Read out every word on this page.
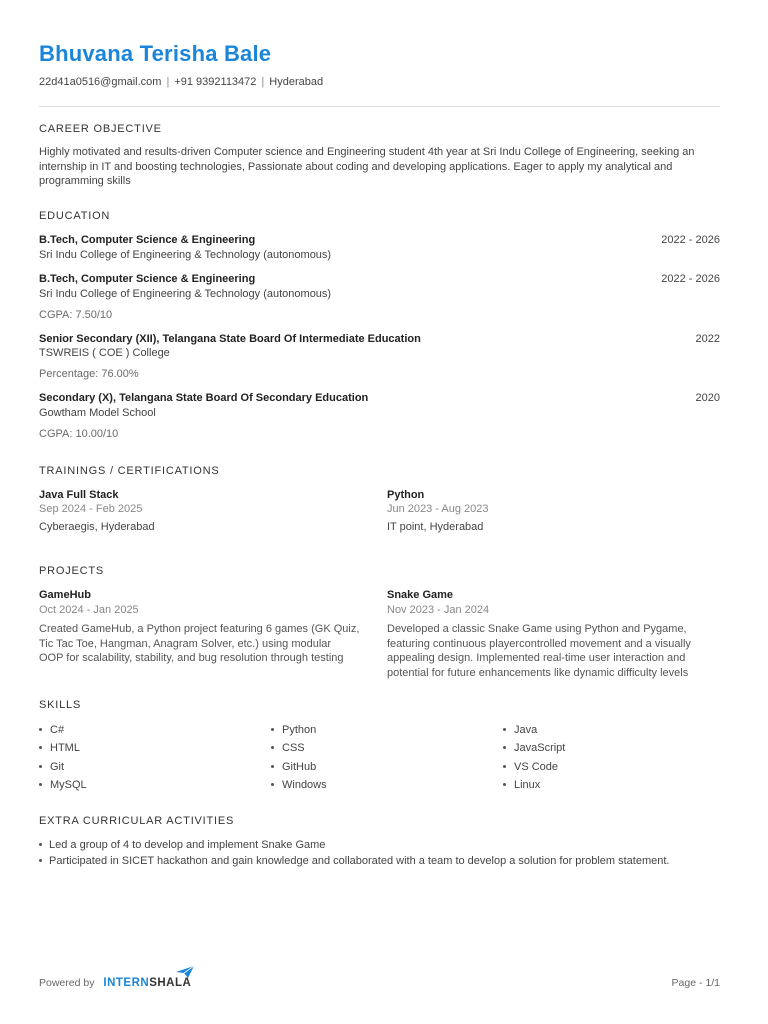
Bhuvana Terisha Bale
22d41a0516@gmail.com | +91 9392113472 | Hyderabad
CAREER OBJECTIVE
Highly motivated and results-driven Computer science and Engineering student 4th year at Sri Indu College of Engineering, seeking an internship in IT and boosting technologies, Passionate about coding and developing applications. Eager to apply my analytical and programming skills
EDUCATION
B.Tech, Computer Science & Engineering	2022 - 2026
Sri Indu College of Engineering & Technology (autonomous)
B.Tech, Computer Science & Engineering	2022 - 2026
Sri Indu College of Engineering & Technology (autonomous)
CGPA: 7.50/10
Senior Secondary (XII), Telangana State Board Of Intermediate Education	2022
TSWREIS ( COE ) College
Percentage: 76.00%
Secondary (X), Telangana State Board Of Secondary Education	2020
Gowtham Model School
CGPA: 10.00/10
TRAININGS / CERTIFICATIONS
Java Full Stack
Sep 2024 - Feb 2025
Cyberaegis, Hyderabad
Python
Jun 2023 - Aug 2023
IT point, Hyderabad
PROJECTS
GameHub
Oct 2024 - Jan 2025
Created GameHub, a Python project featuring 6 games (GK Quiz,
Tic Tac Toe, Hangman, Anagram Solver, etc.) using modular
OOP for scalability, stability, and bug resolution through testing
Snake Game
Nov 2023 - Jan 2024
Developed a classic Snake Game using Python and Pygame,
featuring continuous playercontrolled movement and a visually
appealing design. Implemented real-time user interaction and
potential for future enhancements like dynamic difficulty levels
SKILLS
C#
HTML
Git
MySQL
Python
CSS
GitHub
Windows
Java
JavaScript
VS Code
Linux
EXTRA CURRICULAR ACTIVITIES
Led a group of 4 to develop and implement Snake Game
Participated in SICET hackathon and gain knowledge and collaborated with a team to develop a solution for problem statement.
Powered by INTERNSHALA	Page - 1/1
